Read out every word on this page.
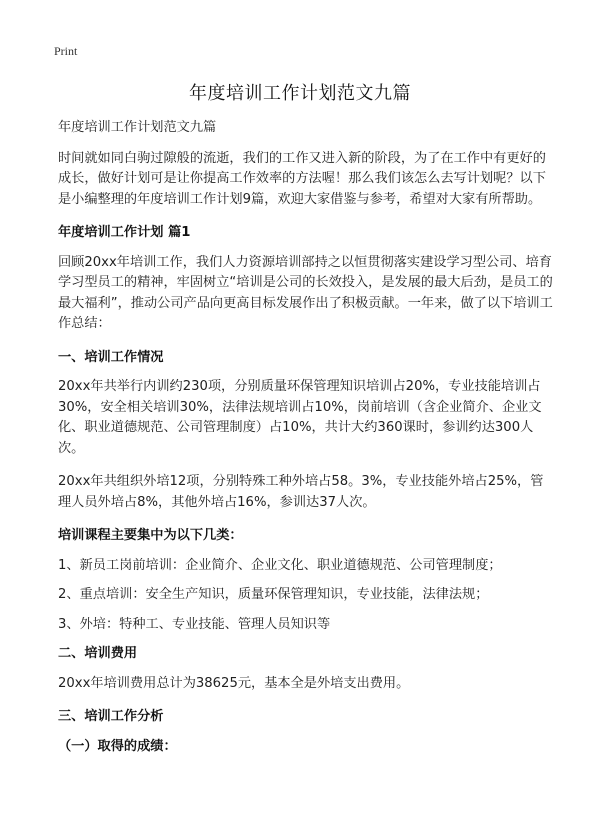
Print
年度培训工作计划范文九篇

年度培训工作计划范文九篇

时间就如同白驹过隙般的流逝，我们的工作又进入新的阶段，为了在工作中有更好的成长，做好计划可是让你提高工作效率的方法喔！那么我们该怎么去写计划呢？以下是小编整理的年度培训工作计划9篇，欢迎大家借鉴与参考，希望对大家有所帮助。

年度培训工作计划 篇1

回顾20xx年培训工作，我们人力资源培训部持之以恒贯彻落实建设学习型公司、培育学习型员工的精神，牢固树立“培训是公司的长效投入，是发展的最大后劲，是员工的最大福利”，推动公司产品向更高目标发展作出了积极贡献。一年来，做了以下培训工作总结：

一、培训工作情况

20xx年共举行内训约230项，分别质量环保管理知识培训占20%，专业技能培训占30%，安全相关培训30%，法律法规培训占10%，岗前培训（含企业简介、企业文化、职业道德规范、公司管理制度）占10%，共计大约360课时，参训约达300人次。

20xx年共组织外培12项，分别特殊工种外培占58。3%，专业技能外培占25%，管理人员外培占8%，其他外培占16%，参训达37人次。

培训课程主要集中为以下几类：

1、新员工岗前培训：企业简介、企业文化、职业道德规范、公司管理制度；

2、重点培训：安全生产知识，质量环保管理知识，专业技能，法律法规；

3、外培：特种工、专业技能、管理人员知识等

二、培训费用

20xx年培训费用总计为38625元，基本全是外培支出费用。

三、培训工作分析

（一）取得的成绩：
